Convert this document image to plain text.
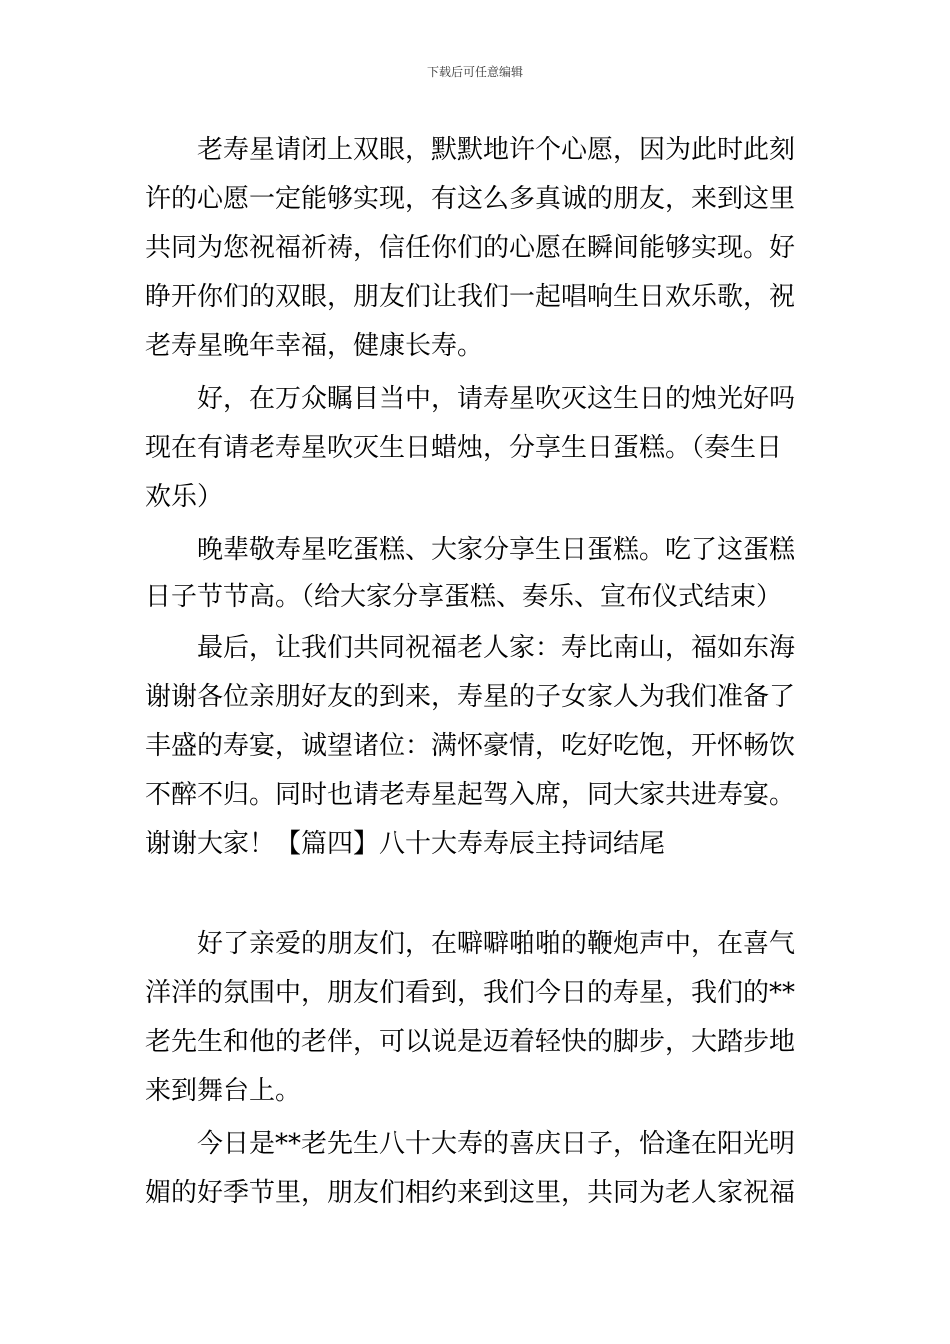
下载后可任意编辑
老寿星请闭上双眼，默默地许个心愿，因为此时此刻
许的心愿一定能够实现，有这么多真诚的朋友，来到这里
共同为您祝福祈祷，信任你们的心愿在瞬间能够实现。好
睁开你们的双眼，朋友们让我们一起唱响生日欢乐歌，祝
老寿星晚年幸福，健康长寿。
好，在万众瞩目当中，请寿星吹灭这生日的烛光好吗
现在有请老寿星吹灭生日蜡烛，分享生日蛋糕。（奏生日
欢乐）
晚辈敬寿星吃蛋糕、大家分享生日蛋糕。吃了这蛋糕
日子节节高。（给大家分享蛋糕、奏乐、宣布仪式结束）
最后，让我们共同祝福老人家：寿比南山，福如东海
谢谢各位亲朋好友的到来，寿星的子女家人为我们准备了
丰盛的寿宴，诚望诸位：满怀豪情，吃好吃饱，开怀畅饮
不醉不归。同时也请老寿星起驾入席，同大家共进寿宴。
谢谢大家！【篇四】八十大寿寿辰主持词结尾
好了亲爱的朋友们，在噼噼啪啪的鞭炮声中，在喜气
洋洋的氛围中，朋友们看到，我们今日的寿星，我们的**
老先生和他的老伴，可以说是迈着轻快的脚步，大踏步地
来到舞台上。
今日是**老先生八十大寿的喜庆日子，恰逢在阳光明
媚的好季节里，朋友们相约来到这里，共同为老人家祝福
